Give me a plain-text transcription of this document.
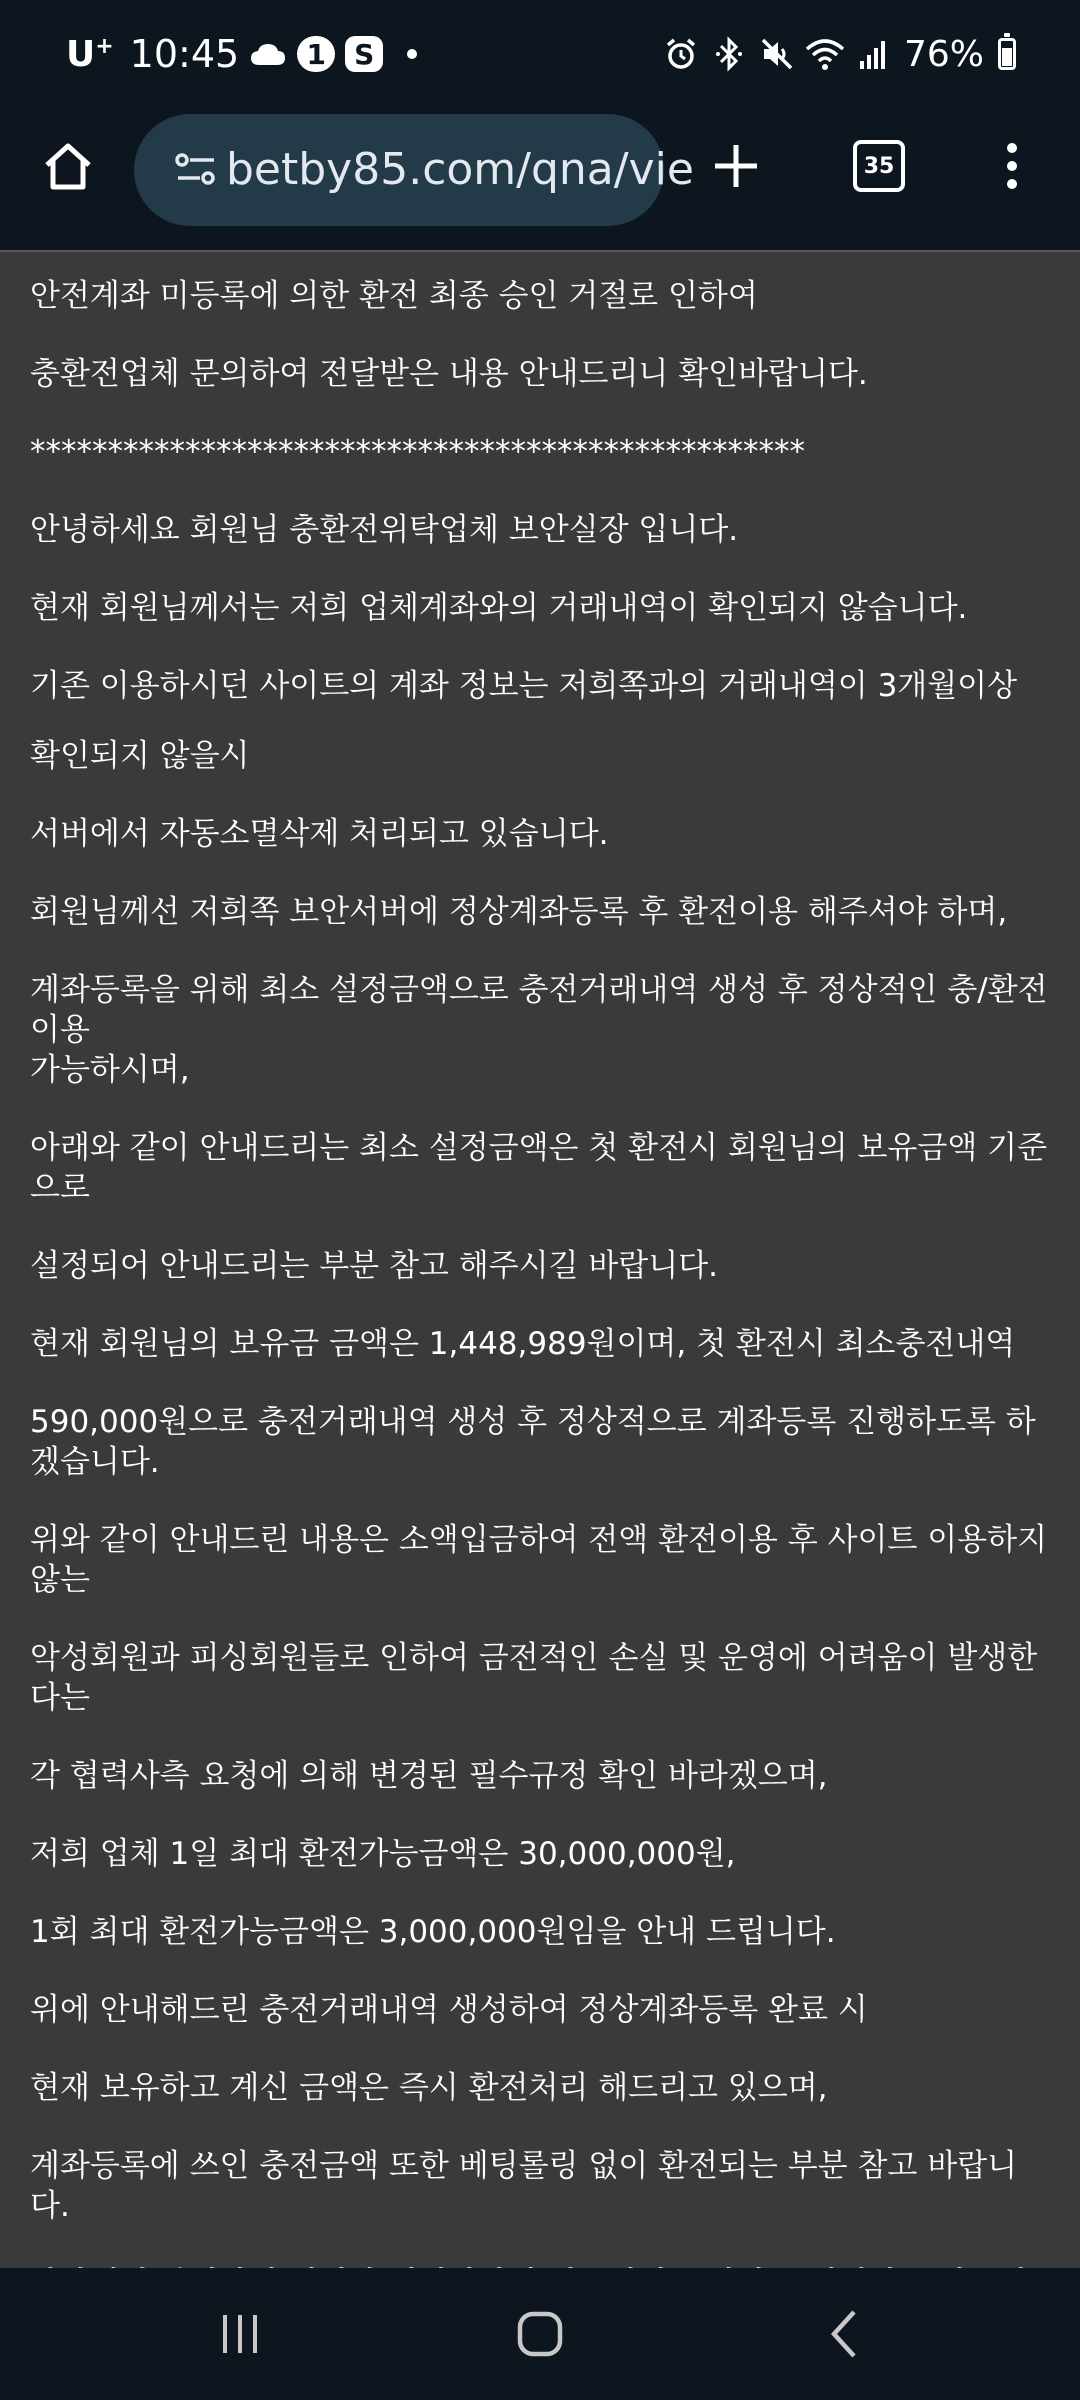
U+ 10:45	1	S	76%
betby85.com/qna/vie	35

안전계좌 미등록에 의한 환전 최종 승인 거절로 인하여

충환전업체 문의하여 전달받은 내용 안내드리니 확인바랍니다.

**************************************************

안녕하세요 회원님 충환전위탁업체 보안실장 입니다.

현재 회원님께서는 저희 업체계좌와의 거래내역이 확인되지 않습니다.

기존 이용하시던 사이트의 계좌 정보는 저희쪽과의 거래내역이 3개월이상

확인되지 않을시

서버에서 자동소멸삭제 처리되고 있습니다.

회원님께선 저희쪽 보안서버에 정상계좌등록 후 환전이용 해주셔야 하며,

계좌등록을 위해 최소 설정금액으로 충전거래내역 생성 후 정상적인 충/환전이용

가능하시며,

아래와 같이 안내드리는 최소 설정금액은 첫 환전시 회원님의 보유금액 기준으로

설정되어 안내드리는 부분 참고 해주시길 바랍니다.

현재 회원님의 보유금 금액은 1,448,989원이며, 첫 환전시 최소충전내역

590,000원으로 충전거래내역 생성 후 정상적으로 계좌등록 진행하도록 하겠습니다.

위와 같이 안내드린 내용은 소액입금하여 전액 환전이용 후 사이트 이용하지 않는

악성회원과 피싱회원들로 인하여 금전적인 손실 및 운영에 어려움이 발생한다는

각 협력사측 요청에 의해 변경된 필수규정 확인 바라겠으며,

저희 업체 1일 최대 환전가능금액은 30,000,000원,

1회 최대 환전가능금액은 3,000,000원임을 안내 드립니다.

위에 안내해드린 충전거래내역 생성하여 정상계좌등록 완료 시

현재 보유하고 계신 금액은 즉시 환전처리 해드리고 있으며,

계좌등록에 쓰인 충전금액 또한 베팅롤링 없이 환전되는 부분 참고 바랍니다.
